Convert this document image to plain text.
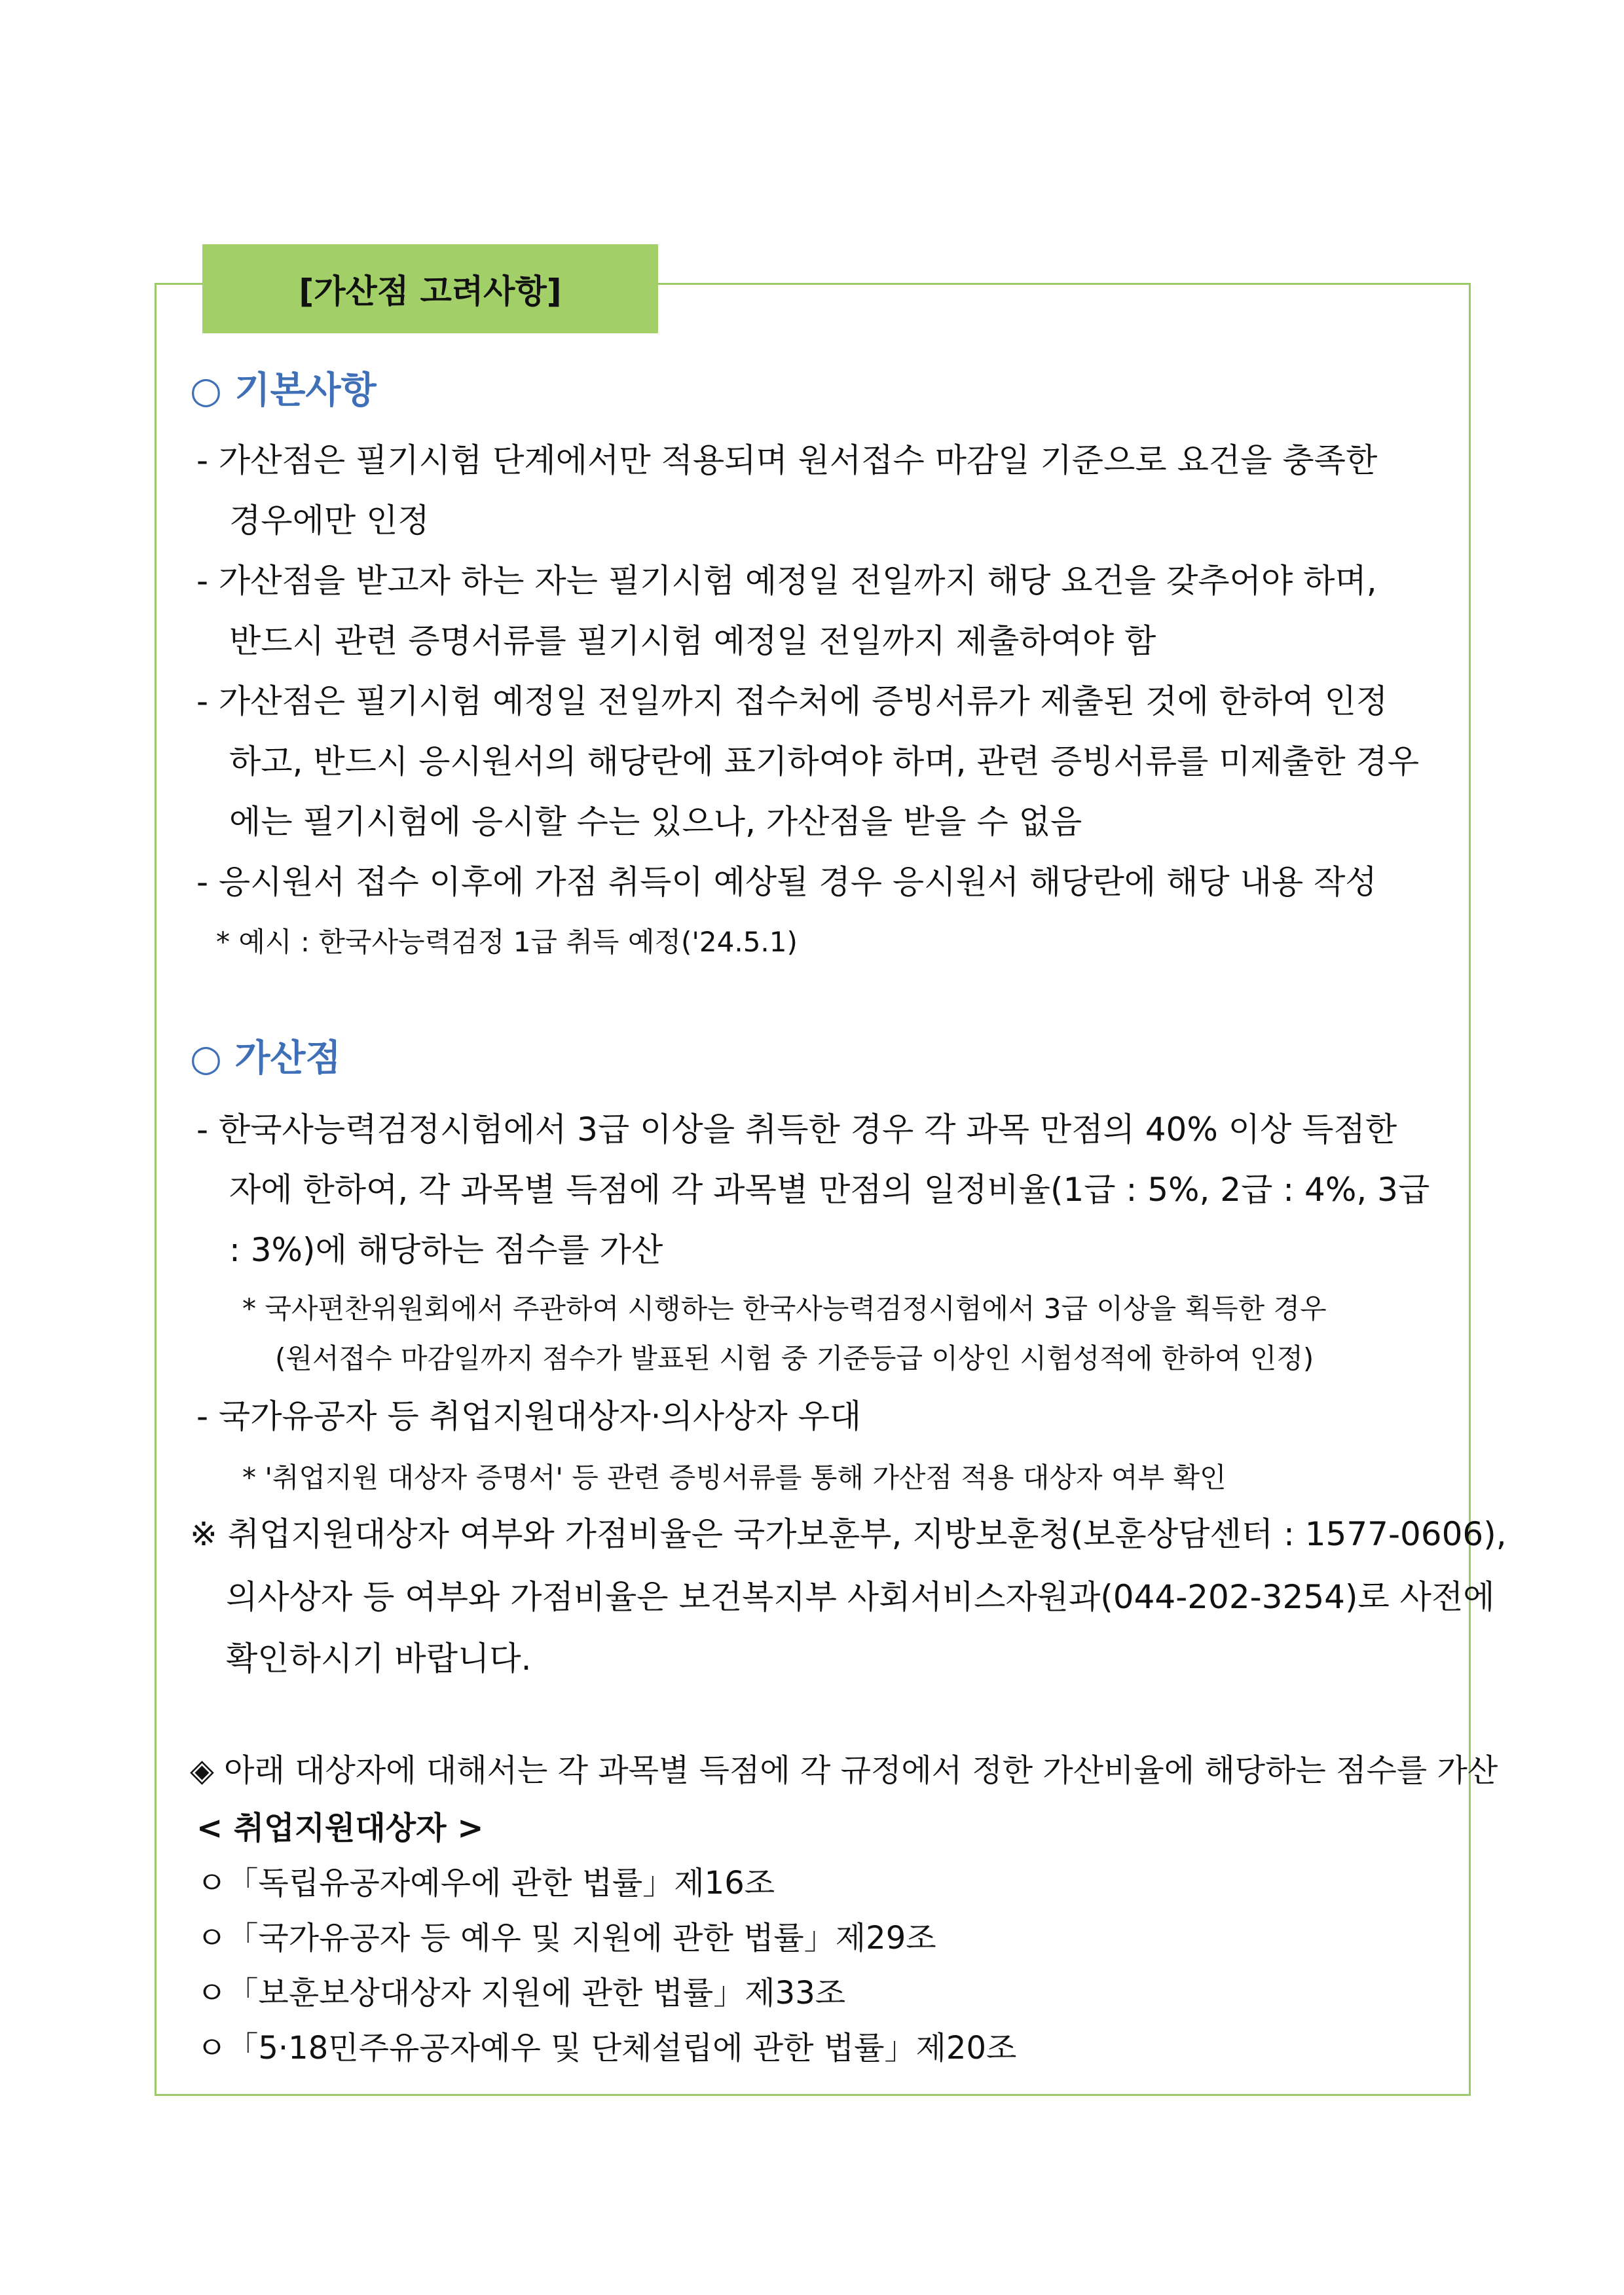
[가산점 고려사항]
○ 기본사항
- 가산점은 필기시험 단계에서만 적용되며 원서접수 마감일 기준으로 요건을 충족한
경우에만 인정
- 가산점을 받고자 하는 자는 필기시험 예정일 전일까지 해당 요건을 갖추어야 하며,
반드시 관련 증명서류를 필기시험 예정일 전일까지 제출하여야 함
- 가산점은 필기시험 예정일 전일까지 접수처에 증빙서류가 제출된 것에 한하여 인정
하고, 반드시 응시원서의 해당란에 표기하여야 하며, 관련 증빙서류를 미제출한 경우
에는 필기시험에 응시할 수는 있으나, 가산점을 받을 수 없음
- 응시원서 접수 이후에 가점 취득이 예상될 경우 응시원서 해당란에 해당 내용 작성
* 예시 : 한국사능력검정 1급 취득 예정('24.5.1)
○ 가산점
- 한국사능력검정시험에서 3급 이상을 취득한 경우 각 과목 만점의 40% 이상 득점한
자에 한하여, 각 과목별 득점에 각 과목별 만점의 일정비율(1급 : 5%, 2급 : 4%, 3급
: 3%)에 해당하는 점수를 가산
* 국사편찬위원회에서 주관하여 시행하는 한국사능력검정시험에서 3급 이상을 획득한 경우
(원서접수 마감일까지 점수가 발표된 시험 중 기준등급 이상인 시험성적에 한하여 인정)
- 국가유공자 등 취업지원대상자·의사상자 우대
* '취업지원 대상자 증명서' 등 관련 증빙서류를 통해 가산점 적용 대상자 여부 확인
※ 취업지원대상자 여부와 가점비율은 국가보훈부, 지방보훈청(보훈상담센터 : 1577-0606),
의사상자 등 여부와 가점비율은 보건복지부 사회서비스자원과(044-202-3254)로 사전에
확인하시기 바랍니다.
◈ 아래 대상자에 대해서는 각 과목별 득점에 각 규정에서 정한 가산비율에 해당하는 점수를 가산
< 취업지원대상자 >
ㅇ「독립유공자예우에 관한 법률」제16조
ㅇ「국가유공자 등 예우 및 지원에 관한 법률」제29조
ㅇ「보훈보상대상자 지원에 관한 법률」제33조
ㅇ「5·18민주유공자예우 및 단체설립에 관한 법률」제20조
